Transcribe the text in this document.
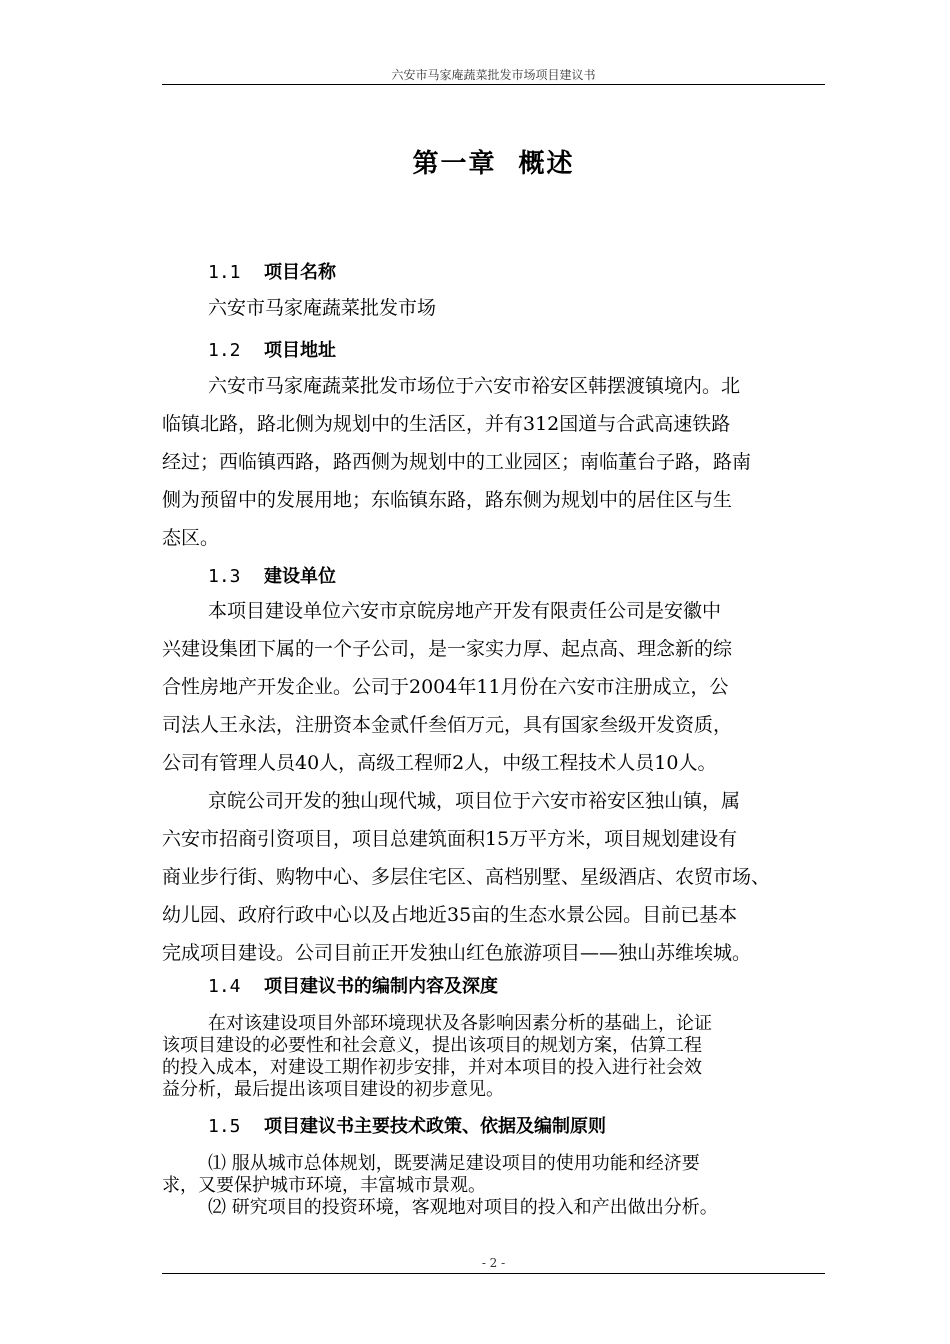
六安市马家庵蔬菜批发市场项目建议书
第一章  概述
1.1 项目名称
六安市马家庵蔬菜批发市场
1.2 项目地址
六安市马家庵蔬菜批发市场位于六安市裕安区韩摆渡镇境内。北
临镇北路，路北侧为规划中的生活区，并有312国道与合武高速铁路
经过；西临镇西路，路西侧为规划中的工业园区；南临董台子路，路南
侧为预留中的发展用地；东临镇东路，路东侧为规划中的居住区与生
态区。
1.3 建设单位
本项目建设单位六安市京皖房地产开发有限责任公司是安徽中
兴建设集团下属的一个子公司，是一家实力厚、起点高、理念新的综
合性房地产开发企业。公司于2004年11月份在六安市注册成立，公
司法人王永法，注册资本金贰仟叁佰万元，具有国家叁级开发资质，
公司有管理人员40人，高级工程师2人，中级工程技术人员10人。
京皖公司开发的独山现代城，项目位于六安市裕安区独山镇，属
六安市招商引资项目，项目总建筑面积15万平方米，项目规划建设有
商业步行街、购物中心、多层住宅区、高档别墅、星级酒店、农贸市场、
幼儿园、政府行政中心以及占地近35亩的生态水景公园。目前已基本
完成项目建设。公司目前正开发独山红色旅游项目——独山苏维埃城。
1.4 项目建议书的编制内容及深度
在对该建设项目外部环境现状及各影响因素分析的基础上，论证
该项目建设的必要性和社会意义，提出该项目的规划方案，估算工程
的投入成本，对建设工期作初步安排，并对本项目的投入进行社会效
益分析，最后提出该项目建设的初步意见。
1.5 项目建议书主要技术政策、依据及编制原则
⑴ 服从城市总体规划，既要满足建设项目的使用功能和经济要
求，又要保护城市环境，丰富城市景观。
⑵ 研究项目的投资环境，客观地对项目的投入和产出做出分析。
- 2 -
